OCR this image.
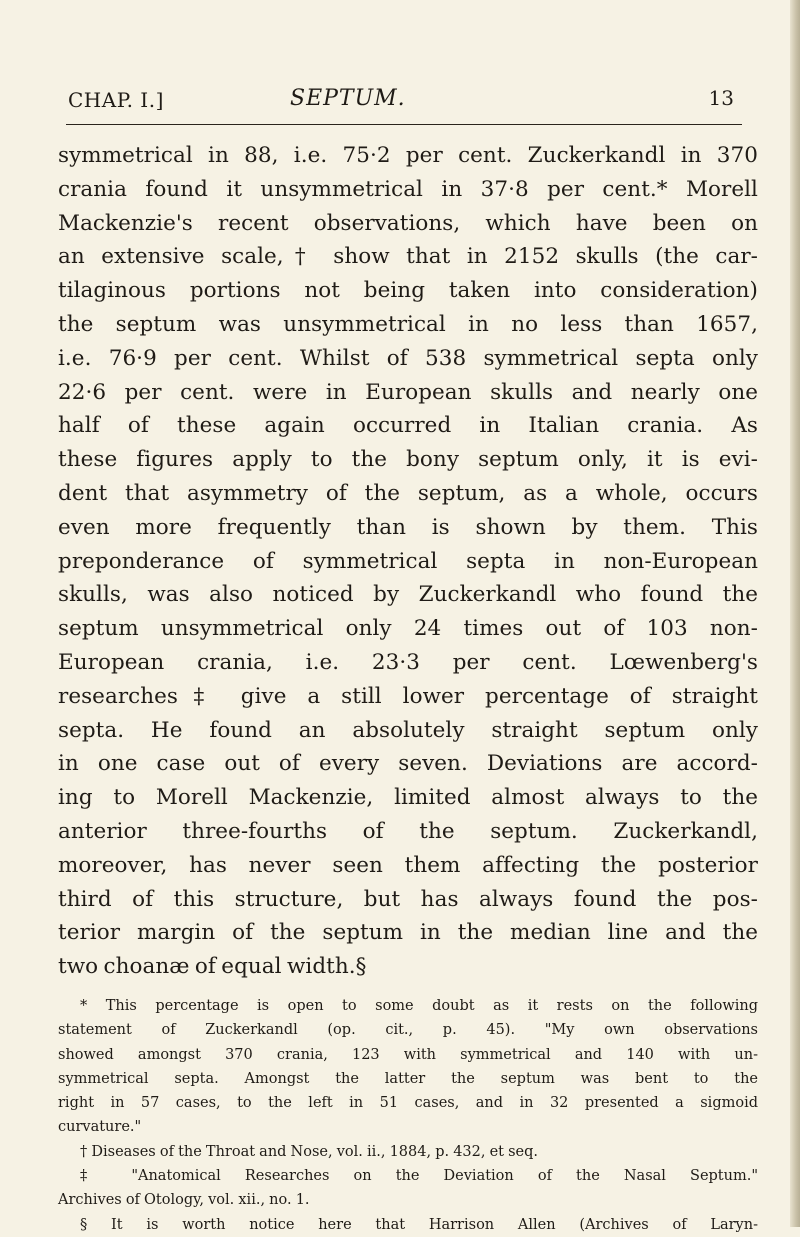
CHAP. I.]	SEPTUM.	13
symmetrical in 88, i.e. 75·2 per cent. Zuckerkandl in 370
crania found it unsymmetrical in 37·8 per cent.* Morell
Mackenzie's recent observations, which have been on
an extensive scale,† show that in 2152 skulls (the car-
tilaginous portions not being taken into consideration)
the septum was unsymmetrical in no less than 1657,
i.e. 76·9 per cent. Whilst of 538 symmetrical septa only
22·6 per cent. were in European skulls and nearly one
half of these again occurred in Italian crania. As
these figures apply to the bony septum only, it is evi-
dent that asymmetry of the septum, as a whole, occurs
even more frequently than is shown by them. This
preponderance of symmetrical septa in non-European
skulls, was also noticed by Zuckerkandl who found the
septum unsymmetrical only 24 times out of 103 non-
European crania, i.e. 23·3 per cent. Lœwenberg's
researches‡ give a still lower percentage of straight
septa. He found an absolutely straight septum only
in one case out of every seven. Deviations are accord-
ing to Morell Mackenzie, limited almost always to the
anterior three-fourths of the septum. Zuckerkandl,
moreover, has never seen them affecting the posterior
third of this structure, but has always found the pos-
terior margin of the septum in the median line and the
two choanæ of equal width.§
* This percentage is open to some doubt as it rests on the following
statement of Zuckerkandl (op. cit., p. 45). "My own observations
showed amongst 370 crania, 123 with symmetrical and 140 with un-
symmetrical septa. Amongst the latter the septum was bent to the
right in 57 cases, to the left in 51 cases, and in 32 presented a sigmoid
curvature."
† Diseases of the Throat and Nose, vol. ii., 1884, p. 432, et seq.
‡ "Anatomical Researches on the Deviation of the Nasal Septum."
Archives of Otology, vol. xii., no. 1.
§ It is worth notice here that Harrison Allen (Archives of Laryn-
